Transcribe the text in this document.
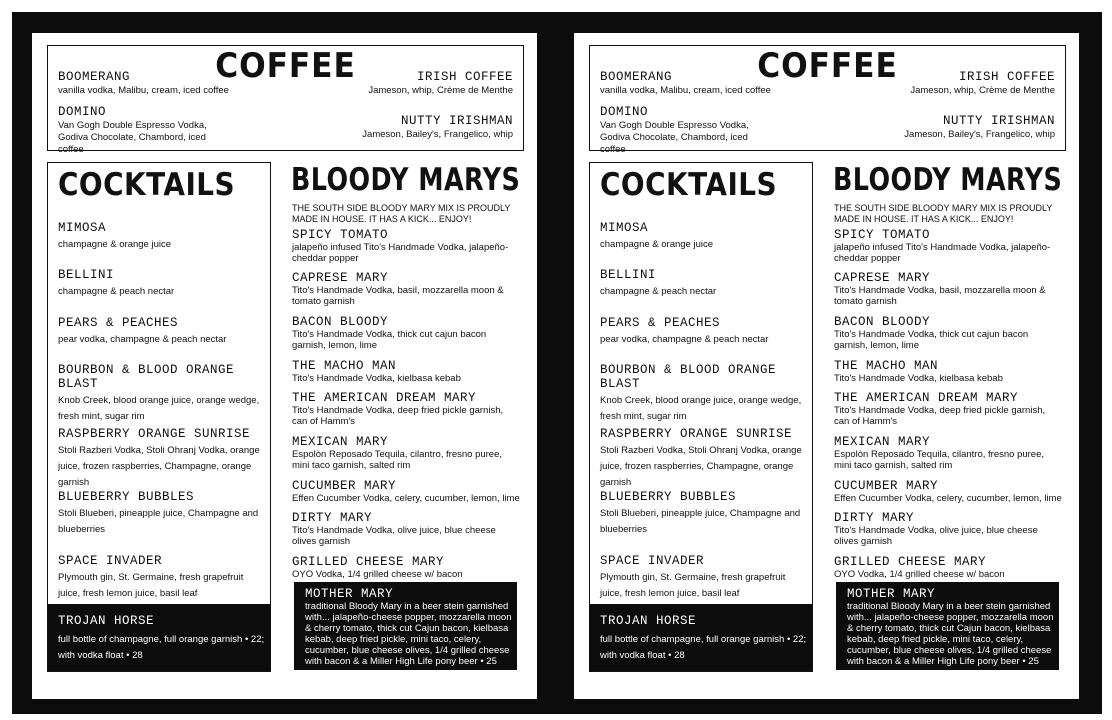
COFFEE
BOOMERANG
vanilla vodka, Malibu, cream, iced coffee
DOMINO
Van Gogh Double Espresso Vodka, Godiva Chocolate, Chambord, iced coffee
IRISH COFFEE
Jameson, whip, Crème de Menthe
NUTTY IRISHMAN
Jameson, Bailey's, Frangelico, whip
COCKTAILS
MIMOSA
champagne & orange juice
BELLINI
champagne & peach nectar
PEARS & PEACHES
pear vodka, champagne & peach nectar
BOURBON & BLOOD ORANGE BLAST
Knob Creek, blood orange juice, orange wedge, fresh mint, sugar rim
RASPBERRY ORANGE SUNRISE
Stoli Razberi Vodka, Stoli Ohranj Vodka, orange juice, frozen raspberries, Champagne, orange garnish
BLUEBERRY BUBBLES
Stoli Blueberi, pineapple juice, Champagne and blueberries
SPACE INVADER
Plymouth gin, St. Germaine, fresh grapefruit juice, fresh lemon juice, basil leaf
TROJAN HORSE
full bottle of champagne, full orange garnish • 22; with vodka float • 28
BLOODY MARYS
THE SOUTH SIDE BLOODY MARY MIX IS PROUDLY MADE IN HOUSE. IT HAS A KICK... ENJOY!
SPICY TOMATO
jalapeño infused Tito's Handmade Vodka, jalapeño-cheddar popper
CAPRESE MARY
Tito's Handmade Vodka, basil, mozzarella moon & tomato garnish
BACON BLOODY
Tito's Handmade Vodka, thick cut cajun bacon garnish, lemon, lime
THE MACHO MAN
Tito's Handmade Vodka, kielbasa kebab
THE AMERICAN DREAM MARY
Tito's Handmade Vodka, deep fried pickle garnish, can of Hamm's
MEXICAN MARY
Espolòn Reposado Tequila, cilantro, fresno puree, mini taco garnish, salted rim
CUCUMBER MARY
Effen Cucumber Vodka, celery, cucumber, lemon, lime
DIRTY MARY
Tito's Handmade Vodka, olive juice, blue cheese olives garnish
GRILLED CHEESE MARY
OYO Vodka, 1/4 grilled cheese w/ bacon
MOTHER MARY
traditional Bloody Mary in a beer stein garnished with... jalapeño-cheese popper, mozzarella moon & cherry tomato, thick cut Cajun bacon, kielbasa kebab, deep fried pickle, mini taco, celery, cucumber, blue cheese olives, 1/4 grilled cheese with bacon & a Miller High Life pony beer • 25
COFFEE
BOOMERANG
vanilla vodka, Malibu, cream, iced coffee
DOMINO
Van Gogh Double Espresso Vodka, Godiva Chocolate, Chambord, iced coffee
IRISH COFFEE
Jameson, whip, Crème de Menthe
NUTTY IRISHMAN
Jameson, Bailey's, Frangelico, whip
COCKTAILS
MIMOSA
champagne & orange juice
BELLINI
champagne & peach nectar
PEARS & PEACHES
pear vodka, champagne & peach nectar
BOURBON & BLOOD ORANGE BLAST
Knob Creek, blood orange juice, orange wedge, fresh mint, sugar rim
RASPBERRY ORANGE SUNRISE
Stoli Razberi Vodka, Stoli Ohranj Vodka, orange juice, frozen raspberries, Champagne, orange garnish
BLUEBERRY BUBBLES
Stoli Blueberi, pineapple juice, Champagne and blueberries
SPACE INVADER
Plymouth gin, St. Germaine, fresh grapefruit juice, fresh lemon juice, basil leaf
TROJAN HORSE
full bottle of champagne, full orange garnish • 22; with vodka float • 28
BLOODY MARYS
THE SOUTH SIDE BLOODY MARY MIX IS PROUDLY MADE IN HOUSE. IT HAS A KICK... ENJOY!
SPICY TOMATO
jalapeño infused Tito's Handmade Vodka, jalapeño-cheddar popper
CAPRESE MARY
Tito's Handmade Vodka, basil, mozzarella moon & tomato garnish
BACON BLOODY
Tito's Handmade Vodka, thick cut cajun bacon garnish, lemon, lime
THE MACHO MAN
Tito's Handmade Vodka, kielbasa kebab
THE AMERICAN DREAM MARY
Tito's Handmade Vodka, deep fried pickle garnish, can of Hamm's
MEXICAN MARY
Espolòn Reposado Tequila, cilantro, fresno puree, mini taco garnish, salted rim
CUCUMBER MARY
Effen Cucumber Vodka, celery, cucumber, lemon, lime
DIRTY MARY
Tito's Handmade Vodka, olive juice, blue cheese olives garnish
GRILLED CHEESE MARY
OYO Vodka, 1/4 grilled cheese w/ bacon
MOTHER MARY
traditional Bloody Mary in a beer stein garnished with... jalapeño-cheese popper, mozzarella moon & cherry tomato, thick cut Cajun bacon, kielbasa kebab, deep fried pickle, mini taco, celery, cucumber, blue cheese olives, 1/4 grilled cheese with bacon & a Miller High Life pony beer • 25
